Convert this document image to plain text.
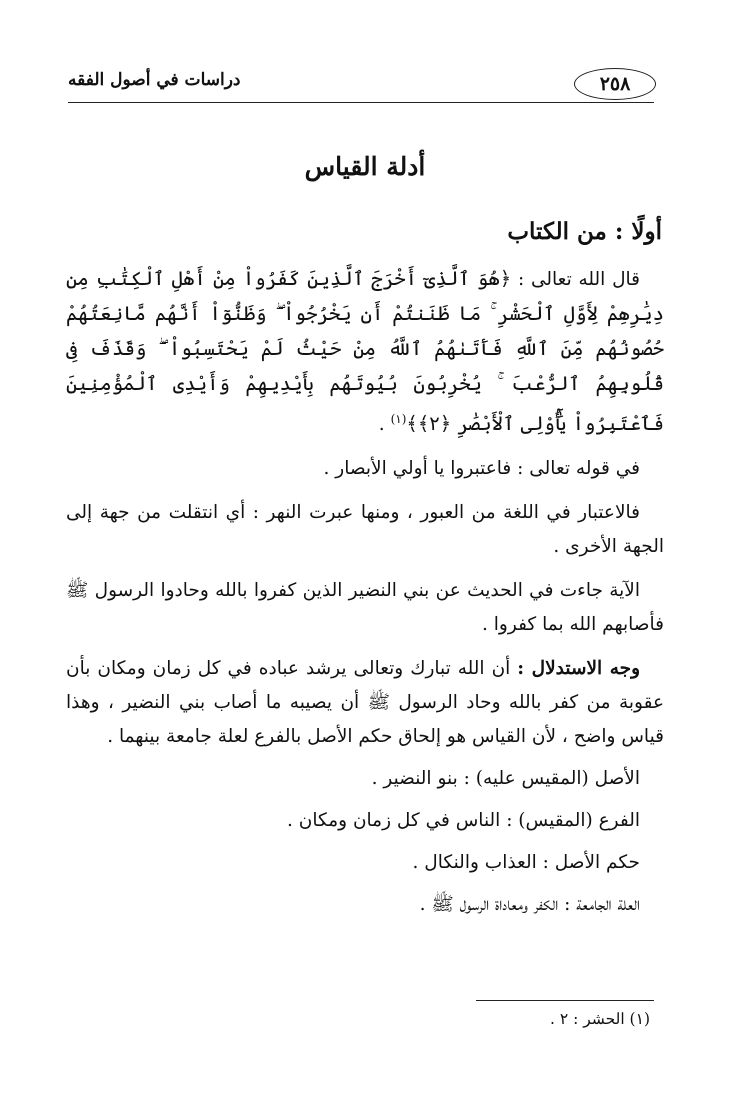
دراسات في أصول الفقه	٢٥٨
أدلة القياس
أولًا : من الكتاب

قال الله تعالى : ﴿هُوَ ٱلَّذِىٓ أَخْرَجَ ٱلَّذِينَ كَفَرُواْ مِنْ أَهْلِ ٱلْكِتَٰبِ مِن دِيَٰرِهِمْ لِأَوَّلِ ٱلْحَشْرِ ۚ مَا ظَنَنتُمْ أَن يَخْرُجُواْ ۖ وَظَنُّوٓاْ أَنَّهُم مَّانِعَتُهُمْ حُصُونُهُم مِّنَ ٱللَّهِ فَأَتَىٰهُمُ ٱللَّهُ مِنْ حَيْثُ لَمْ يَحْتَسِبُواْ ۖ وَقَذَفَ فِى قُلُوبِهِمُ ٱلرُّعْبَ ۚ يُخْرِبُونَ بُيُوتَهُم بِأَيْدِيهِمْ وَأَيْدِى ٱلْمُؤْمِنِينَ فَٱعْتَبِرُواْ يَٰٓأُوْلِى ٱلْأَبْصَٰرِ ﴿٢﴾﴾$^{(١)}$ .

في قوله تعالى : فاعتبروا يا أولي الأبصار .

فالاعتبار في اللغة من العبور ، ومنها عبرت النهر : أي انتقلت من جهة إلى الجهة الأخرى .

الآية جاءت في الحديث عن بني النضير الذين كفروا بالله وحادوا الرسول ﷺ فأصابهم الله بما كفروا .

وجه الاستدلال : أن الله تبارك وتعالى يرشد عباده في كل زمان ومكان بأن عقوبة من كفر بالله وحاد الرسول ﷺ أن يصيبه ما أصاب بني النضير ، وهذا قياس واضح ، لأن القياس هو إلحاق حكم الأصل بالفرع لعلة جامعة بينهما .

الأصل (المقيس عليه) : بنو النضير .

الفرع (المقيس) : الناس في كل زمان ومكان .

حكم الأصل : العذاب والنكال .

العلة الجامعة : الكفر ومعاداة الرسول ﷺ .

(١) الحشر : ٢ .
